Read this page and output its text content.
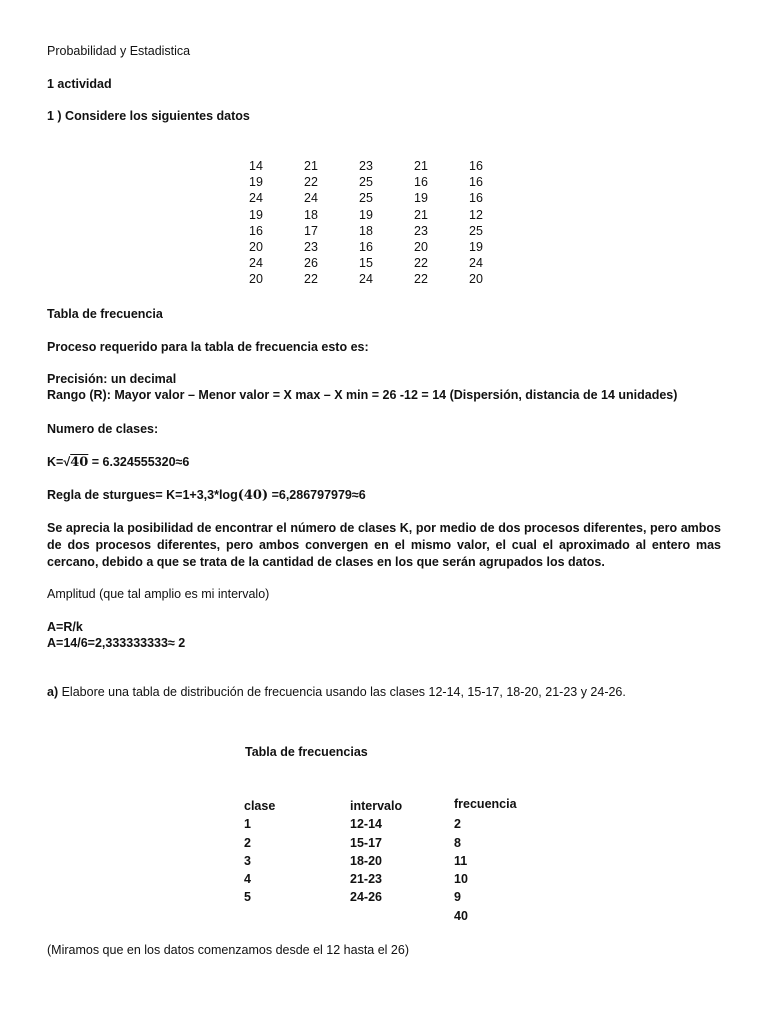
Probabilidad y Estadistica
1 actividad
1 ) Considere los siguientes datos
14	21	23	21	16
19	22	25	16	16
24	24	25	19	16
19	18	19	21	12
16	17	18	23	25
20	23	16	20	19
24	26	15	22	24
20	22	24	22	20
Tabla de frecuencia
Proceso requerido para la tabla de frecuencia esto es:
Precisión: un decimal
Rango (R): Mayor valor – Menor valor = X max – X min = 26 -12 = 14 (Dispersión, distancia de 14 unidades)
Numero de clases:
K=√40 = 6.324555320≈6
Regla de sturgues= K=1+3,3*log(40) =6,286797979≈6
Se aprecia la posibilidad de encontrar el número de clases K, por medio de dos procesos diferentes, pero ambos de dos procesos diferentes, pero ambos convergen en el mismo valor, el cual el aproximado al entero mas cercano, debido a que se trata de la cantidad de clases en los que serán agrupados los datos.
Amplitud (que tal amplio es mi intervalo)
A=R/k
A=14/6=2,333333333≈ 2
a) Elabore una tabla de distribución de frecuencia usando las clases 12-14, 15-17, 18-20, 21-23 y 24-26.
Tabla de frecuencias
clase	intervalo	frecuencia
1	12-14	2
2	15-17	8
3	18-20	11
4	21-23	10
5	24-26	9
		40
(Miramos que en los datos comenzamos desde el 12 hasta el 26)
